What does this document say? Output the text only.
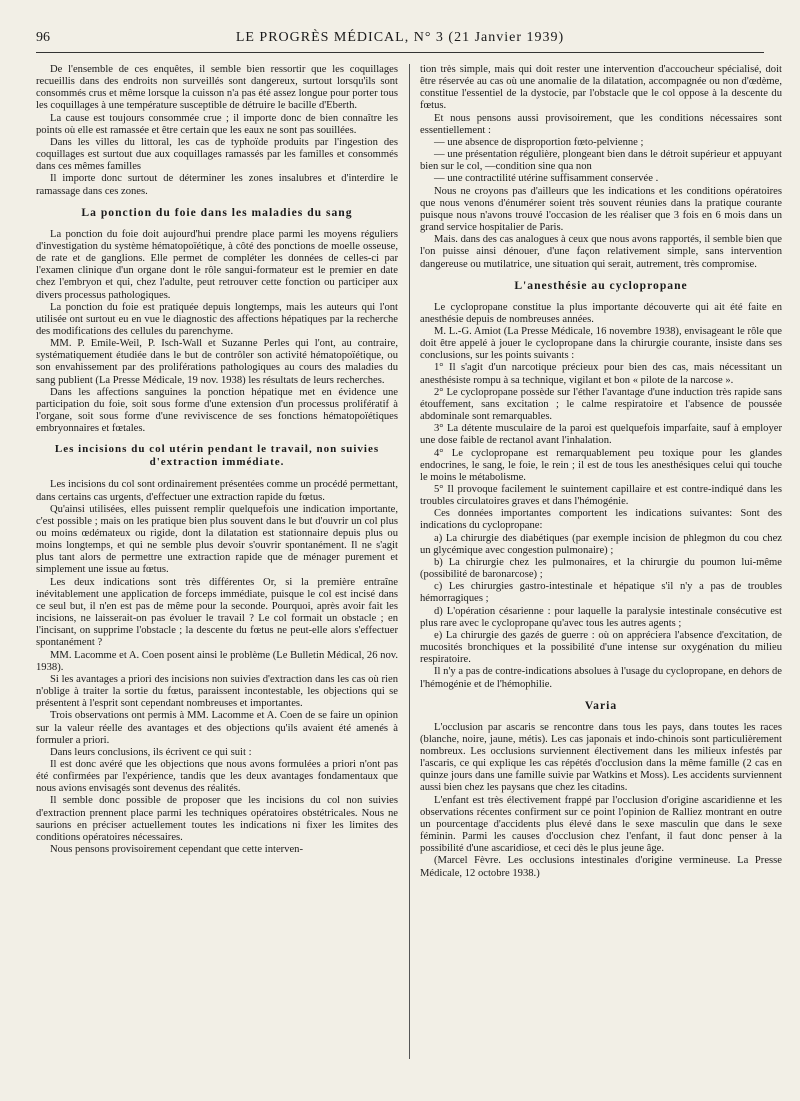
96	LE PROGRÈS MÉDICAL, N° 3 (21 Janvier 1939)

De l'ensemble de ces enquêtes, il semble bien ressortir que les coquillages recueillis dans des endroits non surveillés sont dangereux, surtout lorsqu'ils sont consommés crus et même lorsque la cuisson n'a pas été assez longue pour porter tous les coquillages à une température susceptible de détruire le bacille d'Eberth.

La cause est toujours consommée crue ; il importe donc de bien connaître les points où elle est ramassée et être certain que les eaux ne sont pas souillées.

Dans les villes du littoral, les cas de typhoïde produits par l'ingestion des coquillages est surtout due aux coquillages ramassés par les familles et consommés dans ces mêmes familles

Il importe donc surtout de déterminer les zones insalubres et d'interdire le ramassage dans ces zones.

La ponction du foie dans les maladies du sang

La ponction du foie doit aujourd'hui prendre place parmi les moyens réguliers d'investigation du système hématopoïétique, à côté des ponctions de moelle osseuse, de rate et de ganglions. Elle permet de compléter les données de celles-ci par l'examen clinique d'un organe dont le rôle sangui-formateur est le premier en date chez l'embryon et qui, chez l'adulte, peut retrouver cette fonction ou participer aux divers processus pathologiques.

La ponction du foie est pratiquée depuis longtemps, mais les auteurs qui l'ont utilisée ont surtout eu en vue le diagnostic des affections hépatiques par la recherche des modifications des cellules du parenchyme.

MM. P. Emile-Weil, P. Isch-Wall et Suzanne Perles qui l'ont, au contraire, systématiquement étudiée dans le but de contrôler son activité hématopoïétique, ou son envahissement par des proliférations pathologiques au cours des maladies du sang publient (La Presse Médicale, 19 nov. 1938) les résultats de leurs recherches.

Dans les affections sanguines la ponction hépatique met en évidence une participation du foie, soit sous forme d'une extension d'un processus prolifératif à l'organe, soit sous forme d'une reviviscence de ses fonctions hématopoïétiques embryonnaires et fœtales.

Les incisions du col utérin pendant le travail, non suivies d'extraction immédiate.

Les incisions du col sont ordinairement présentées comme un procédé permettant, dans certains cas urgents, d'effectuer une extraction rapide du fœtus.

Qu'ainsi utilisées, elles puissent remplir quelquefois une indication importante, c'est possible ; mais on les pratique bien plus souvent dans le but d'ouvrir un col plus ou moins œdémateux ou rigide, dont la dilatation est stationnaire depuis plus ou moins longtemps, et qui ne semble plus devoir s'ouvrir spontanément. Il ne s'agit plus tant alors de permettre une extraction rapide que de ménager purement et simplement une issue au fœtus.

Les deux indications sont très différentes Or, si la première entraîne inévitablement une application de forceps immédiate, puisque le col est incisé dans ce seul but, il n'en est pas de même pour la seconde. Pourquoi, après avoir fait les incisions, ne laisserait-on pas évoluer le travail ? Le col formait un obstacle ; en l'incisant, on supprime l'obstacle ; la descente du fœtus ne peut-elle alors s'effectuer spontanément ?

MM. Lacomme et A. Coen posent ainsi le problème (Le Bulletin Médical, 26 nov. 1938).

Si les avantages a priori des incisions non suivies d'extraction dans les cas où rien n'oblige à traiter la sortie du fœtus, paraissent incontestable, les objections qui se présentent à l'esprit sont cependant nombreuses et importantes.

Trois observations ont permis à MM. Lacomme et A. Coen de se faire un opinion sur la valeur réelle des avantages et des objections qu'ils avaient été amenés à formuler a priori.

Dans leurs conclusions, ils écrivent ce qui suit :

Il est donc avéré que les objections que nous avons formulées a priori n'ont pas été confirmées par l'expérience, tandis que les deux avantages fondamentaux que nous avions envisagés sont devenus des réalités.

Il semble donc possible de proposer que les incisions du col non suivies d'extraction prennent place parmi les techniques opératoires obstétricales. Nous ne saurions en préciser actuellement toutes les indications ni fixer les limites des conditions opératoires nécessaires.

Nous pensons provisoirement cependant que cette interven-

tion très simple, mais qui doit rester une intervention d'accoucheur spécialisé, doit être réservée au cas où une anomalie de la dilatation, accompagnée ou non d'œdème, constitue l'essentiel de la dystocie, par l'obstacle que le col oppose à la descente du fœtus.

Et nous pensons aussi provisoirement, que les conditions nécessaires sont essentiellement :

— une absence de disproportion fœto-pelvienne ;

— une présentation régulière, plongeant bien dans le détroit supérieur et appuyant bien sur le col, —condition sine qua non

— une contractilité utérine suffisamment conservée .

Nous ne croyons pas d'ailleurs que les indications et les conditions opératoires que nous venons d'énumérer soient très souvent réunies dans la pratique courante puisque nous n'avons trouvé l'occasion de les réaliser que 3 fois en 6 mois dans un grand service hospitalier de Paris.

Mais. dans des cas analogues à ceux que nous avons rapportés, il semble bien que l'on puisse ainsi dénouer, d'une façon relativement simple, sans intervention dangereuse ou mutilatrice, une situation qui serait, autrement, très compromise.

L'anesthésie au cyclopropane

Le cyclopropane constitue la plus importante découverte qui ait été faite en anesthésie depuis de nombreuses années.

M. L.-G. Amiot (La Presse Médicale, 16 novembre 1938), envisageant le rôle que doit être appelé à jouer le cyclopropane dans la chirurgie courante, insiste dans ses conclusions, sur les points suivants :

1° Il s'agit d'un narcotique précieux pour bien des cas, mais nécessitant un anesthésiste rompu à sa technique, vigilant et bon « pilote de la narcose ».

2° Le cyclopropane possède sur l'éther l'avantage d'une induction très rapide sans étouffement, sans excitation ; le calme respiratoire et l'absence de poussée abdominale sont remarquables.

3° La détente musculaire de la paroi est quelquefois imparfaite, sauf à employer une dose faible de rectanol avant l'inhalation.

4° Le cyclopropane est remarquablement peu toxique pour les glandes endocrines, le sang, le foie, le rein ; il est de tous les anesthésiques celui qui touche le moins le métabolisme.

5° Il provoque facilement le suintement capillaire et est contre-indiqué dans les troubles circulatoires graves et dans l'hémogénie.

Ces données importantes comportent les indications suivantes: Sont des indications du cyclopropane:

a) La chirurgie des diabétiques (par exemple incision de phlegmon du cou chez un glycémique avec congestion pulmonaire) ;

b) La chirurgie chez les pulmonaires, et la chirurgie du poumon lui-même (possibilité de baronarcose) ;

c) Les chirurgies gastro-intestinale et hépatique s'il n'y a pas de troubles hémorragiques ;

d) L'opération césarienne : pour laquelle la paralysie intestinale consécutive est plus rare avec le cyclopropane qu'avec tous les autres agents ;

e) La chirurgie des gazés de guerre : où on appréciera l'absence d'excitation, de mucosités bronchiques et la possibilité d'une intense sur oxygénation du milieu respiratoire.

Il n'y a pas de contre-indications absolues à l'usage du cyclopropane, en dehors de l'hémogénie et de l'hémophilie.

Varia

L'occlusion par ascaris se rencontre dans tous les pays, dans toutes les races (blanche, noire, jaune, métis). Les cas japonais et indo-chinois sont particulièrement nombreux. Les occlusions surviennent électivement dans les milieux infestés par l'ascaris, ce qui explique les cas répétés d'occlusion dans la même famille (2 cas en quinze jours dans une famille suivie par Watkins et Moss). Les accidents surviennent aussi bien chez les paysans que chez les citadins.

L'enfant est très électivement frappé par l'occlusion d'origine ascaridienne et les observations récentes confirment sur ce point l'opinion de Ralliez montrant en outre un pourcentage d'accidents plus élevé dans le sexe masculin que dans le sexe féminin. Parmi les causes d'occlusion chez l'enfant, il faut donc penser à la possibilité d'une ascaridiose, et ceci dès le plus jeune âge.

(Marcel Fèvre. Les occlusions intestinales d'origine vermineuse. La Presse Médicale, 12 octobre 1938.)
